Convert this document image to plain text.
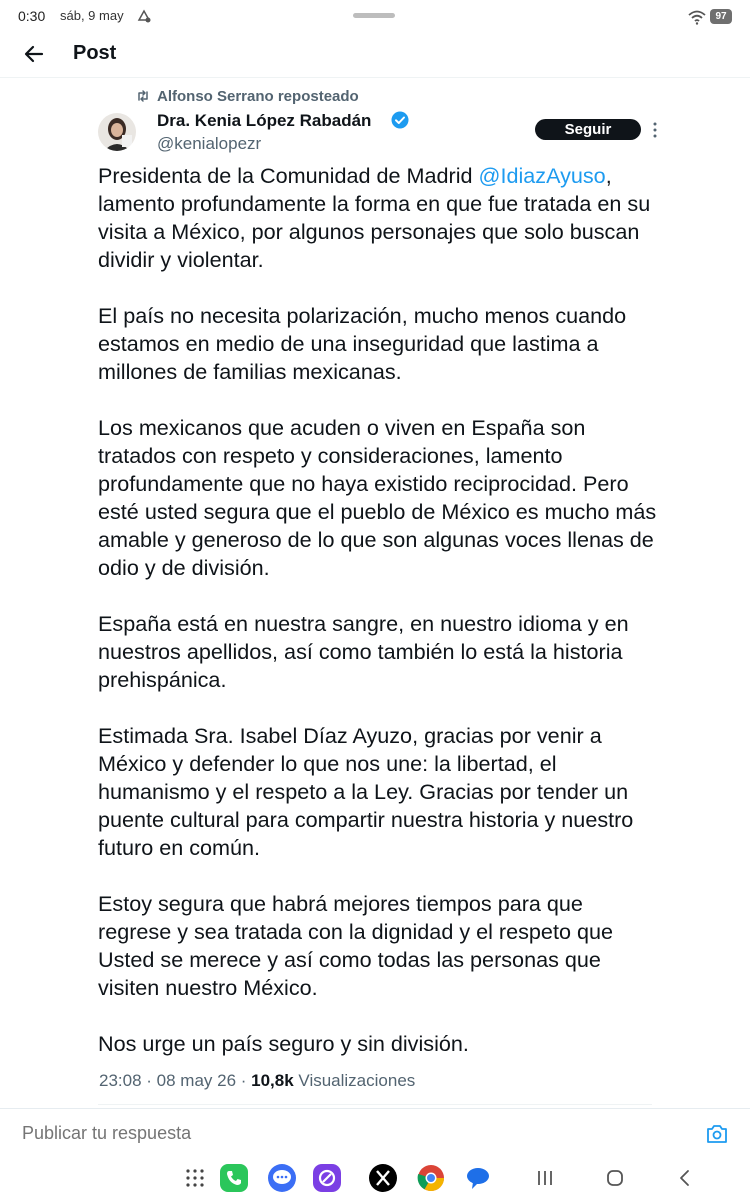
0:30 sáb, 9 may	97
Post
Alfonso Serrano reposteado
Dra. Kenia López Rabadán
@kenialopezr
Seguir

Presidenta de la Comunidad de Madrid @IdiazAyuso, lamento profundamente la forma en que fue tratada en su visita a México, por algunos personajes que solo buscan dividir y violentar.

El país no necesita polarización, mucho menos cuando estamos en medio de una inseguridad que lastima a millones de familias mexicanas.

Los mexicanos que acuden o viven en España son tratados con respeto y consideraciones, lamento profundamente que no haya existido reciprocidad. Pero esté usted segura que el pueblo de México es mucho más amable y generoso de lo que son algunas voces llenas de odio y de división.

España está en nuestra sangre, en nuestro idioma y en nuestros apellidos, así como también lo está la historia prehispánica.

Estimada Sra. Isabel Díaz Ayuzo, gracias por venir a México y defender lo que nos une: la libertad, el humanismo y el respeto a la Ley. Gracias por tender un puente cultural para compartir nuestra historia y nuestro futuro en común.

Estoy segura que habrá mejores tiempos para que regrese y sea tratada con la dignidad y el respeto que Usted se merece y así como todas las personas que visiten nuestro México.

Nos urge un país seguro y sin división.

23:08 · 08 may 26 · 10,8k Visualizaciones
Publicar tu respuesta
